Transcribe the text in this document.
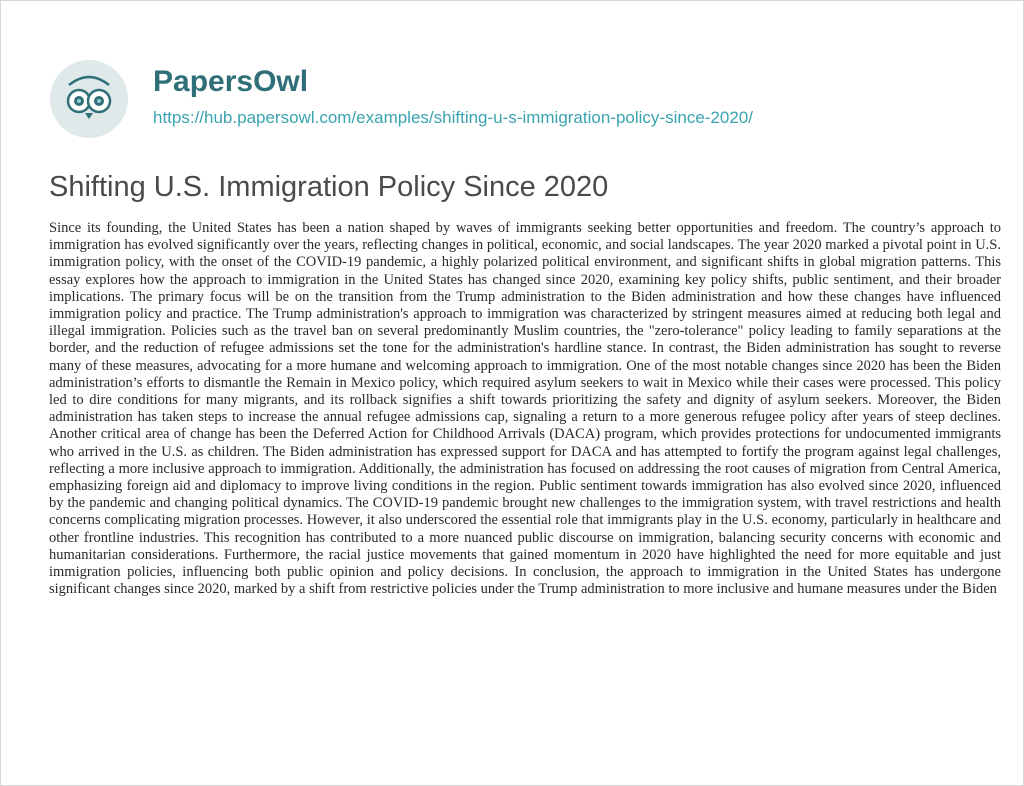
PapersOwl
https://hub.papersowl.com/examples/shifting-u-s-immigration-policy-since-2020/
Shifting U.S. Immigration Policy Since 2020

Since its founding, the United States has been a nation shaped by waves of immigrants seeking better opportunities and freedom. The country’s approach to immigration has evolved significantly over the years, reflecting changes in political, economic, and social landscapes. The year 2020 marked a pivotal point in U.S. immigration policy, with the onset of the COVID-19 pandemic, a highly polarized political environment, and significant shifts in global migration patterns. This essay explores how the approach to immigration in the United States has changed since 2020, examining key policy shifts, public sentiment, and their broader implications. The primary focus will be on the transition from the Trump administration to the Biden administration and how these changes have influenced immigration policy and practice. The Trump administration's approach to immigration was characterized by stringent measures aimed at reducing both legal and illegal immigration. Policies such as the travel ban on several predominantly Muslim countries, the "zero-tolerance" policy leading to family separations at the border, and the reduction of refugee admissions set the tone for the administration's hardline stance. In contrast, the Biden administration has sought to reverse many of these measures, advocating for a more humane and welcoming approach to immigration. One of the most notable changes since 2020 has been the Biden administration’s efforts to dismantle the Remain in Mexico policy, which required asylum seekers to wait in Mexico while their cases were processed. This policy led to dire conditions for many migrants, and its rollback signifies a shift towards prioritizing the safety and dignity of asylum seekers. Moreover, the Biden administration has taken steps to increase the annual refugee admissions cap, signaling a return to a more generous refugee policy after years of steep declines. Another critical area of change has been the Deferred Action for Childhood Arrivals (DACA) program, which provides protections for undocumented immigrants who arrived in the U.S. as children. The Biden administration has expressed support for DACA and has attempted to fortify the program against legal challenges, reflecting a more inclusive approach to immigration. Additionally, the administration has focused on addressing the root causes of migration from Central America, emphasizing foreign aid and diplomacy to improve living conditions in the region. Public sentiment towards immigration has also evolved since 2020, influenced by the pandemic and changing political dynamics. The COVID-19 pandemic brought new challenges to the immigration system, with travel restrictions and health concerns complicating migration processes. However, it also underscored the essential role that immigrants play in the U.S. economy, particularly in healthcare and other frontline industries. This recognition has contributed to a more nuanced public discourse on immigration, balancing security concerns with economic and humanitarian considerations. Furthermore, the racial justice movements that gained momentum in 2020 have highlighted the need for more equitable and just immigration policies, influencing both public opinion and policy decisions. In conclusion, the approach to immigration in the United States has undergone significant changes since 2020, marked by a shift from restrictive policies under the Trump administration to more inclusive and humane measures under the Biden
